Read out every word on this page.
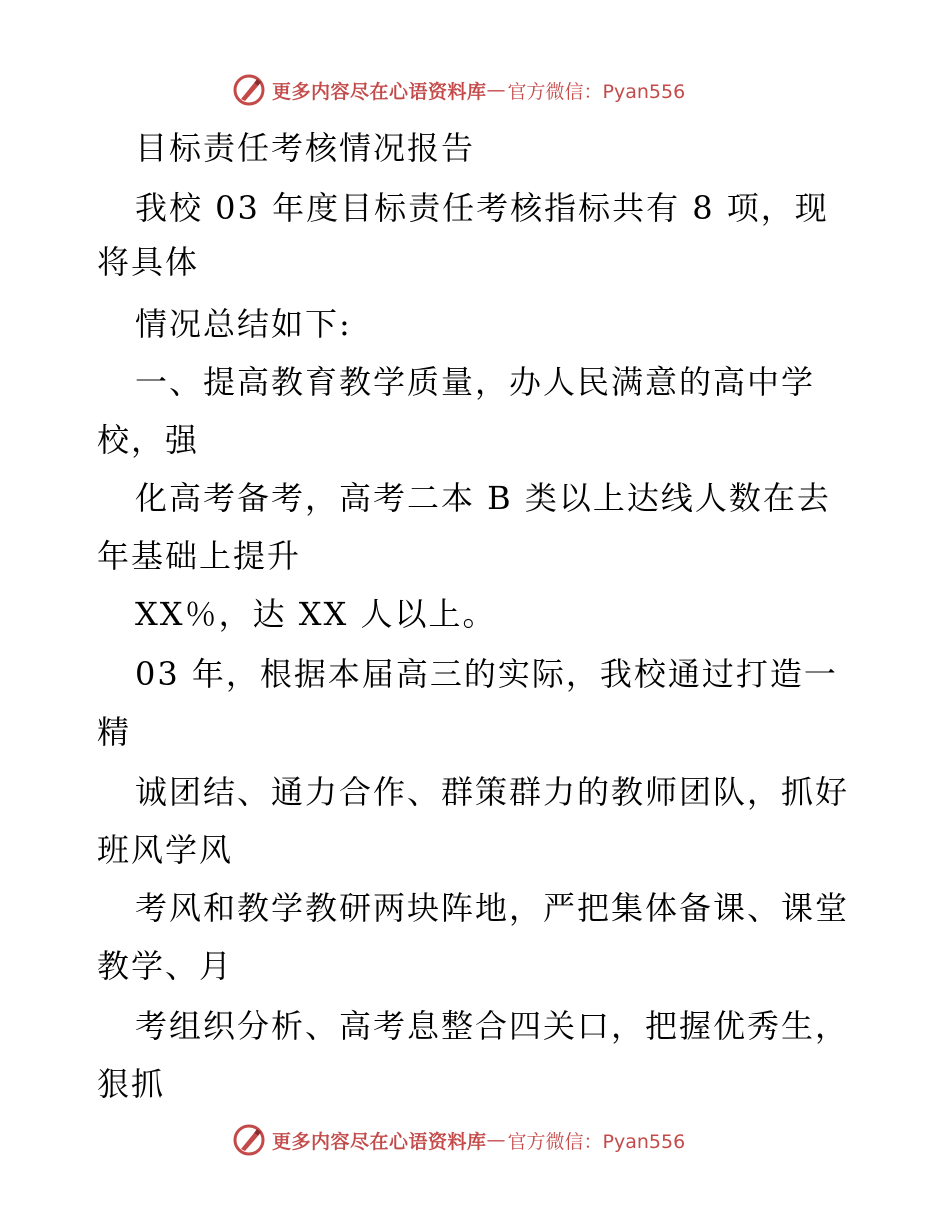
更多内容尽在心语资料库 — 官方微信：Pyan556
目标责任考核情况报告
我校 03 年度目标责任考核指标共有 8 项，现
将具体
情况总结如下:
一、提高教育教学质量，办人民满意的高中学
校，强
化高考备考，高考二本 B 类以上达线人数在去
年基础上提升
XX％，达 XX 人以上。
03 年，根据本届高三的实际，我校通过打造一
精
诚团结、通力合作、群策群力的教师团队，抓好
班风学风
考风和教学教研两块阵地，严把集体备课、课堂
教学、月
考组织分析、高考息整合四关口，把握优秀生，
狠抓
更多内容尽在心语资料库 — 官方微信：Pyan556
